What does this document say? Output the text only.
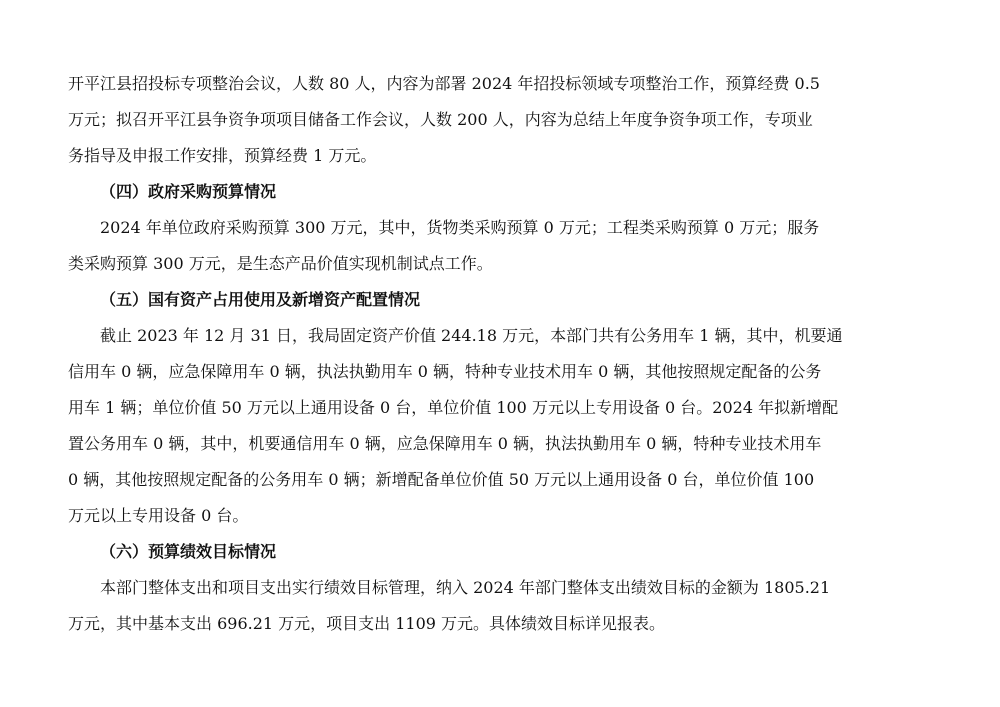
开平江县招投标专项整治会议，人数 80 人，内容为部署 2024 年招投标领域专项整治工作，预算经费 0.5
万元；拟召开平江县争资争项项目储备工作会议，人数 200 人，内容为总结上年度争资争项工作，专项业
务指导及申报工作安排，预算经费 1 万元。
（四）政府采购预算情况
2024 年单位政府采购预算 300 万元，其中，货物类采购预算 0 万元；工程类采购预算 0 万元；服务
类采购预算 300 万元，是生态产品价值实现机制试点工作。
（五）国有资产占用使用及新增资产配置情况
截止 2023 年 12 月 31 日，我局固定资产价值 244.18 万元，本部门共有公务用车 1 辆，其中，机要通
信用车 0 辆，应急保障用车 0 辆，执法执勤用车 0 辆，特种专业技术用车 0 辆，其他按照规定配备的公务
用车 1 辆；单位价值 50 万元以上通用设备 0 台，单位价值 100 万元以上专用设备 0 台。2024 年拟新增配
置公务用车 0 辆，其中，机要通信用车 0 辆，应急保障用车 0 辆，执法执勤用车 0 辆，特种专业技术用车
0 辆，其他按照规定配备的公务用车 0 辆；新增配备单位价值 50 万元以上通用设备 0 台，单位价值 100
万元以上专用设备 0 台。
（六）预算绩效目标情况
本部门整体支出和项目支出实行绩效目标管理，纳入 2024 年部门整体支出绩效目标的金额为 1805.21
万元，其中基本支出 696.21 万元，项目支出 1109 万元。具体绩效目标详见报表。
